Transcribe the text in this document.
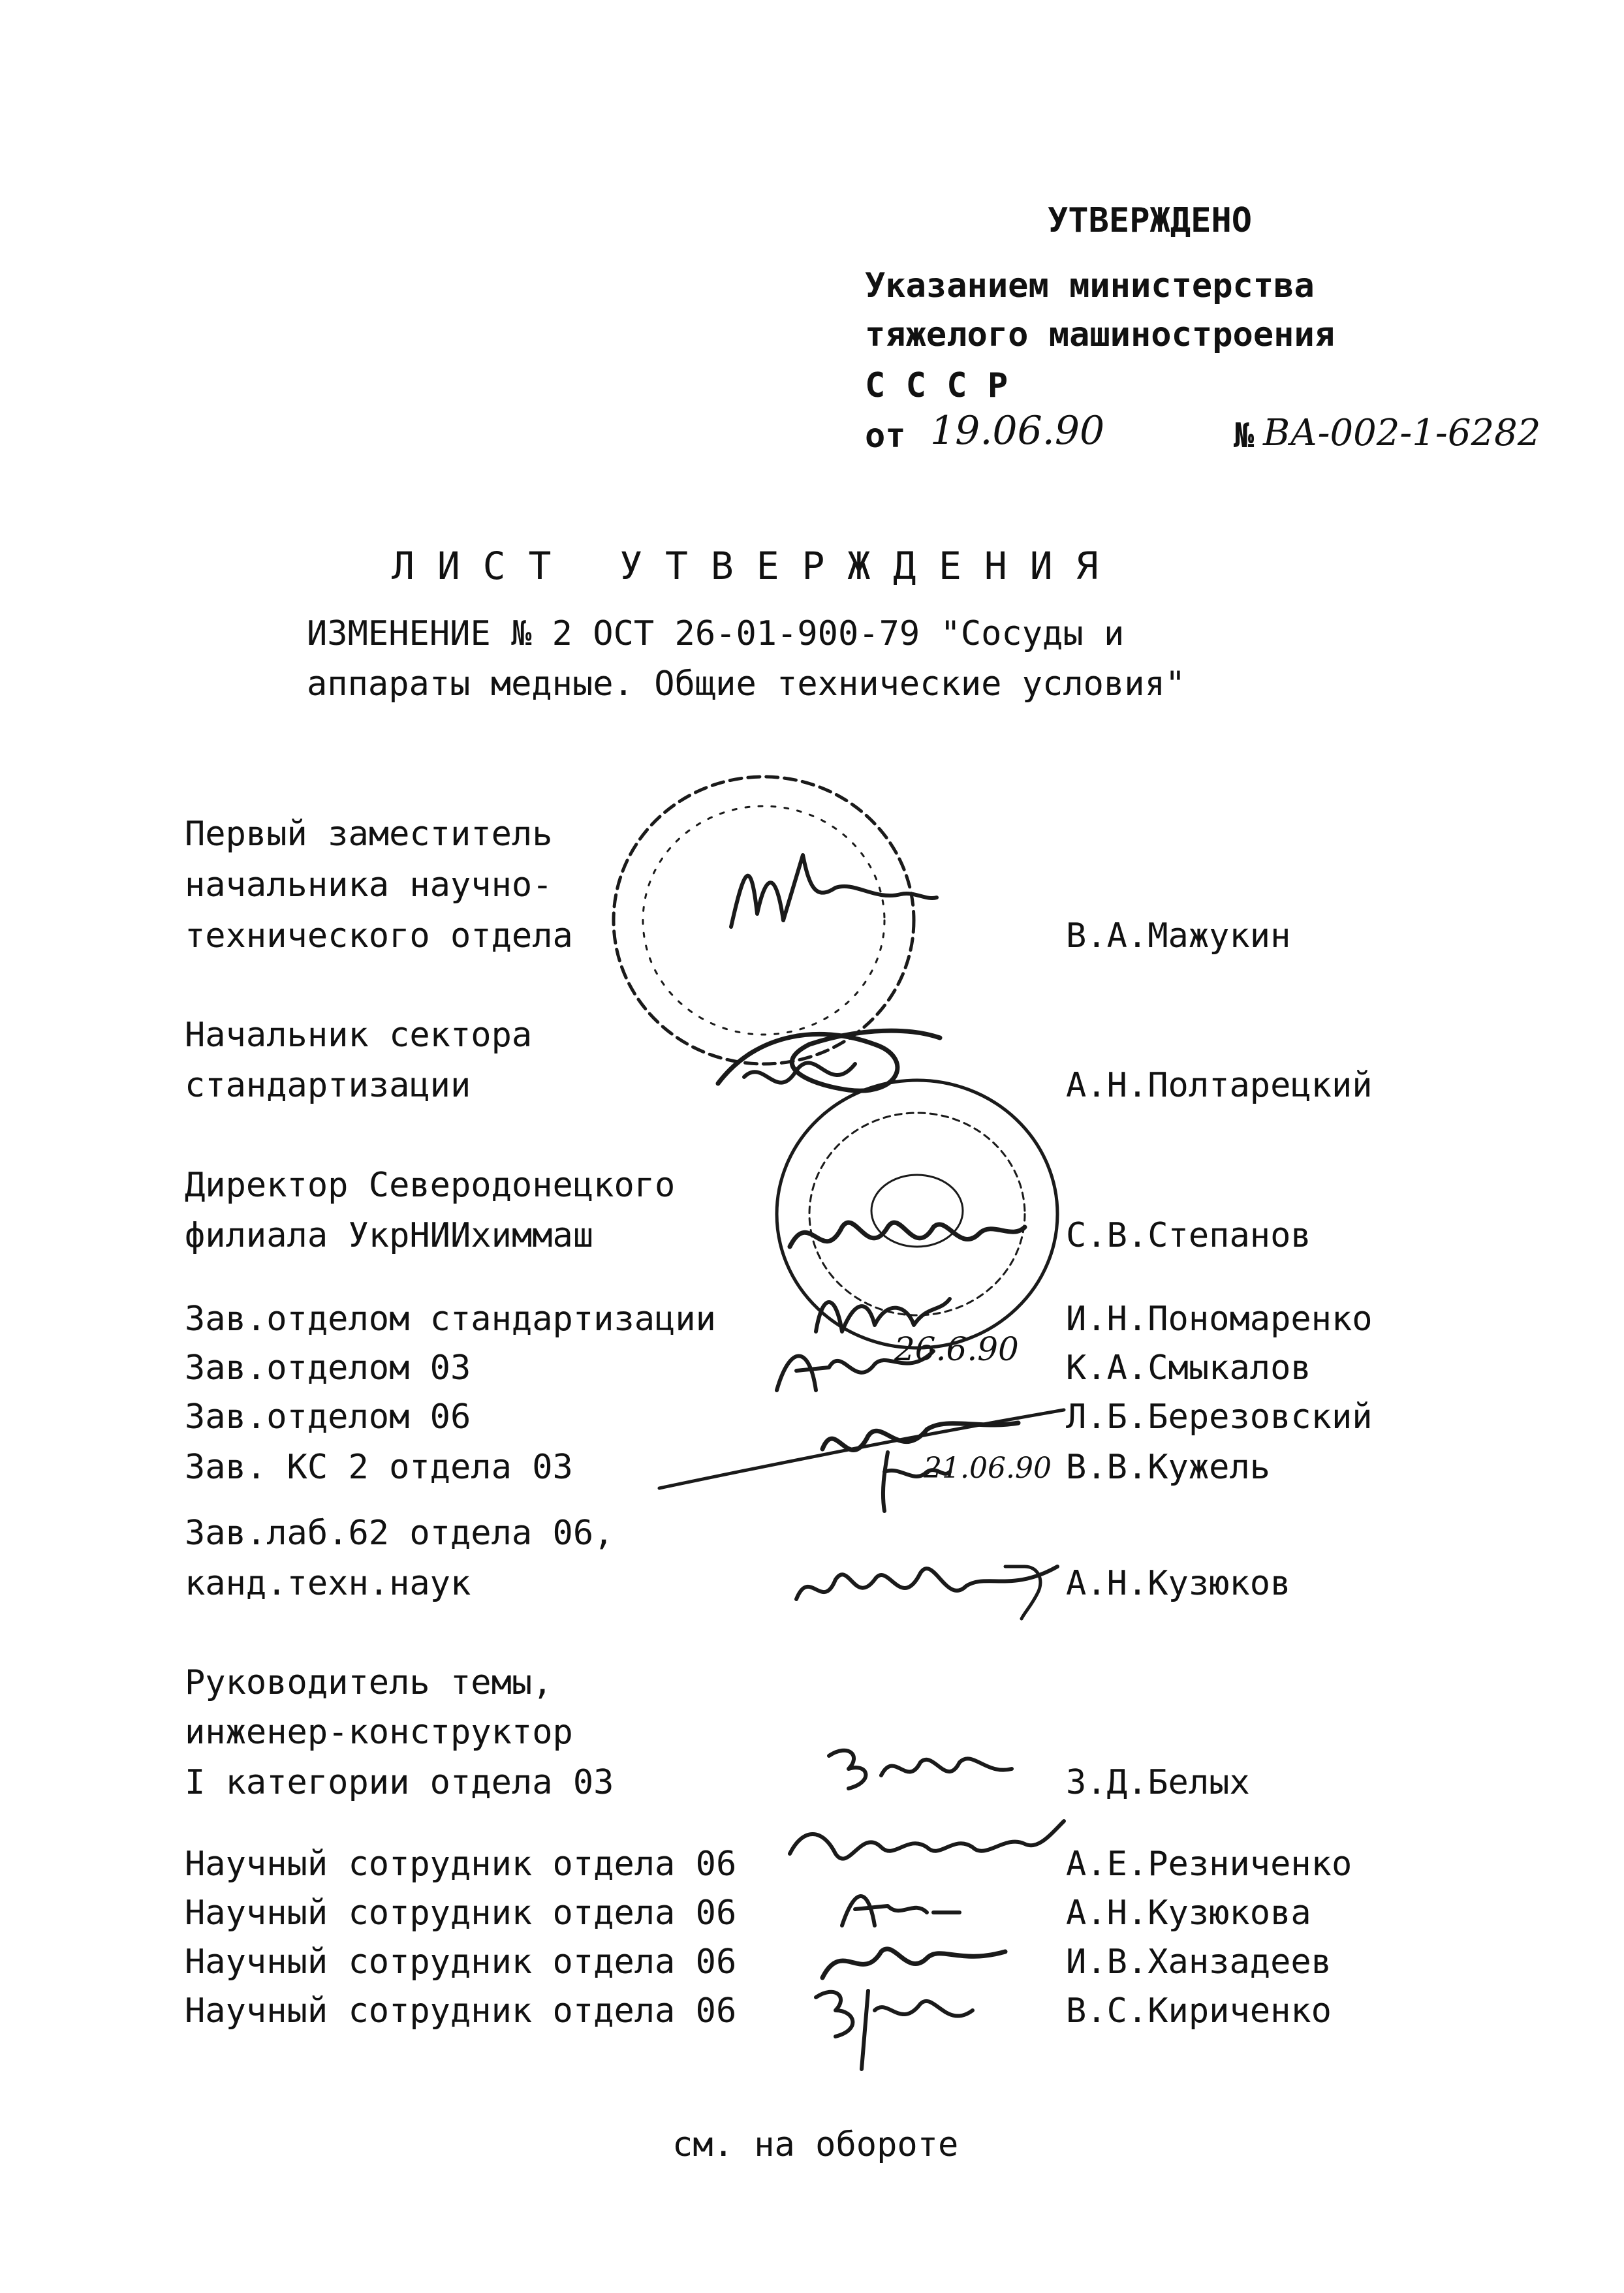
УТВЕРЖДЕНО
Указанием министерства
тяжелого машиностроения
С С С Р
от 19.06.90	№ ВА-002-1-6282
Л И С Т   У Т В Е Р Ж Д Е Н И Я
ИЗМЕНЕНИЕ № 2 ОСТ 26-01-900-79 "Сосуды и
аппараты медные. Общие технические условия"
Первый заместитель
начальника научно-
технического отдела	В.А.Мажукин
Начальник сектора
стандартизации	А.Н.Полтарецкий
Директор Северодонецкого
филиала УкрНИИхиммаш	С.В.Степанов
Зав.отделом стандартизации	И.Н.Пономаренко
Зав.отделом 03	К.А.Смыкалов
Зав.отделом 06	Л.Б.Березовский
Зав. КС 2 отдела 03	В.В.Кужель
Зав.лаб.62 отдела 06,
канд.техн.наук	А.Н.Кузюков
Руководитель темы,
инженер-конструктор
I категории отдела 03	З.Д.Белых
Научный сотрудник отдела 06	А.Е.Резниченко
Научный сотрудник отдела 06	А.Н.Кузюкова
Научный сотрудник отдела 06	И.В.Ханзадеев
Научный сотрудник отдела 06	В.С.Кириченко
26.6.90
21.06.90
см. на обороте
